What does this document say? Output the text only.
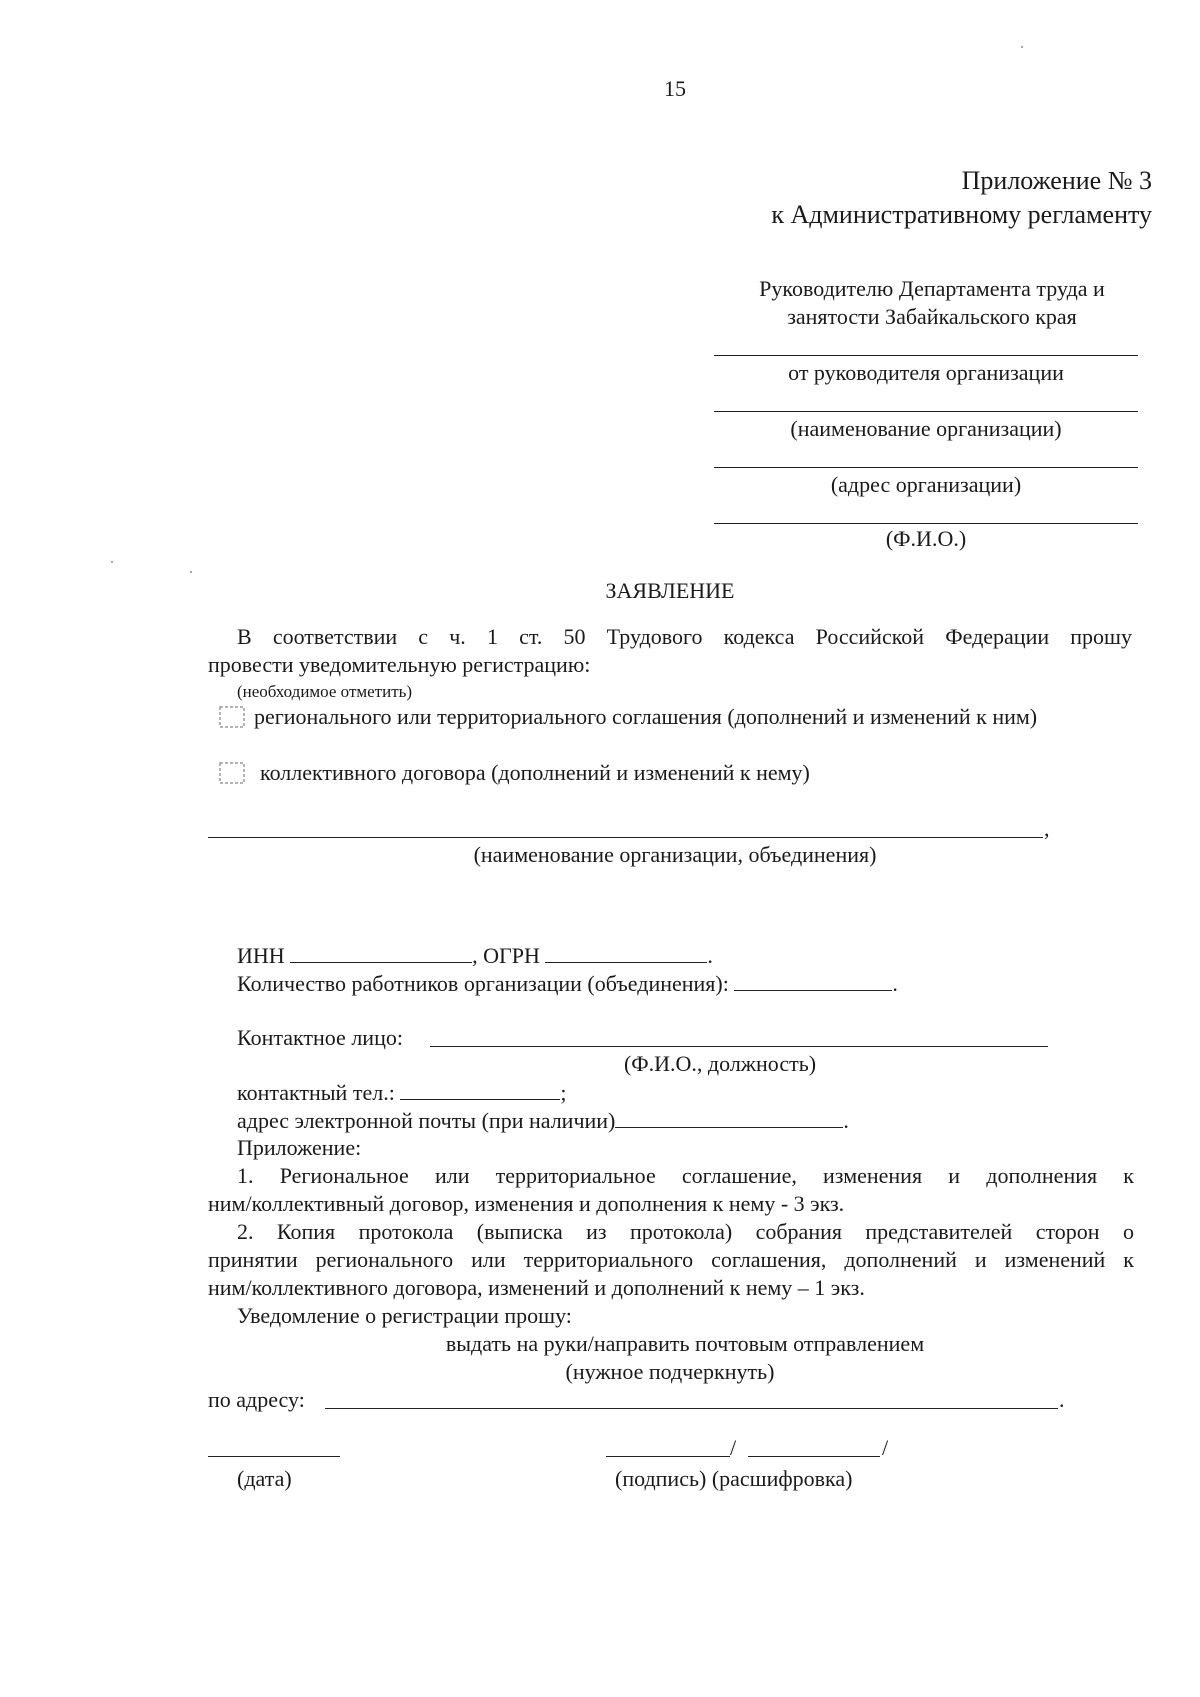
15
Приложение № 3
к Административному регламенту
Руководителю Департамента труда и
занятости Забайкальского края
от руководителя организации
(наименование организации)
(адрес организации)
(Ф.И.О.)
ЗАЯВЛЕНИЕ
В соответствии с ч. 1 ст. 50 Трудового кодекса Российской Федерации прошу
провести уведомительную регистрацию:
(необходимое отметить)
регионального или территориального соглашения (дополнений и изменений к ним)
коллективного договора (дополнений и изменений к нему)
,
(наименование организации, объединения)
ИНН	, ОГРН	.
Количество работников организации (объединения):	.
Контактное лицо:
(Ф.И.О., должность)
контактный тел.:	;
адрес электронной почты (при наличии)	.
Приложение:
1. Региональное или территориальное соглашение, изменения и дополнения к
ним/коллективный договор, изменения и дополнения к нему - 3 экз.
2. Копия протокола (выписка из протокола) собрания представителей сторон о
принятии регионального или территориального соглашения, дополнений и изменений к
ним/коллективного договора, изменений и дополнений к нему – 1 экз.
Уведомление о регистрации прошу:
выдать на руки/направить почтовым отправлением
(нужное подчеркнуть)
по адресу:	.
/	/
(дата)	(подпись) (расшифровка)
